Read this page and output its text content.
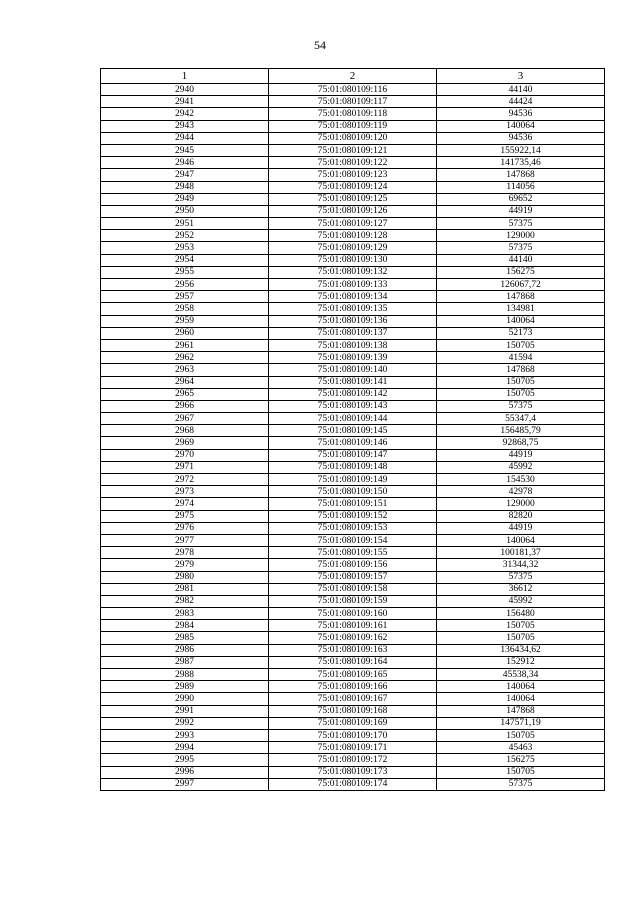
54
1	2	3
2940	75:01:080109:116	44140
2941	75:01:080109:117	44424
2942	75:01:080109:118	94536
2943	75:01:080109:119	140064
2944	75:01:080109:120	94536
2945	75:01:080109:121	155922,14
2946	75:01:080109:122	141735,46
2947	75:01:080109:123	147868
2948	75:01:080109:124	114056
2949	75:01:080109:125	69652
2950	75:01:080109:126	44919
2951	75:01:080109:127	57375
2952	75:01:080109:128	129000
2953	75:01:080109:129	57375
2954	75:01:080109:130	44140
2955	75:01:080109:132	156275
2956	75:01:080109:133	126067,72
2957	75:01:080109:134	147868
2958	75:01:080109:135	134981
2959	75:01:080109:136	140064
2960	75:01:080109:137	52173
2961	75:01:080109:138	150705
2962	75:01:080109:139	41594
2963	75:01:080109:140	147868
2964	75:01:080109:141	150705
2965	75:01:080109:142	150705
2966	75:01:080109:143	57375
2967	75:01:080109:144	55347,4
2968	75:01:080109:145	156485,79
2969	75:01:080109:146	92868,75
2970	75:01:080109:147	44919
2971	75:01:080109:148	45992
2972	75:01:080109:149	154530
2973	75:01:080109:150	42978
2974	75:01:080109:151	129000
2975	75:01:080109:152	82820
2976	75:01:080109:153	44919
2977	75:01:080109:154	140064
2978	75:01:080109:155	100181,37
2979	75:01:080109:156	31344,32
2980	75:01:080109:157	57375
2981	75:01:080109:158	36612
2982	75:01:080109:159	45992
2983	75:01:080109:160	156480
2984	75:01:080109:161	150705
2985	75:01:080109:162	150705
2986	75:01:080109:163	136434,62
2987	75:01:080109:164	152912
2988	75:01:080109:165	45538,34
2989	75:01:080109:166	140064
2990	75:01:080109:167	140064
2991	75:01:080109:168	147868
2992	75:01:080109:169	147571,19
2993	75:01:080109:170	150705
2994	75:01:080109:171	45463
2995	75:01:080109:172	156275
2996	75:01:080109:173	150705
2997	75:01:080109:174	57375
